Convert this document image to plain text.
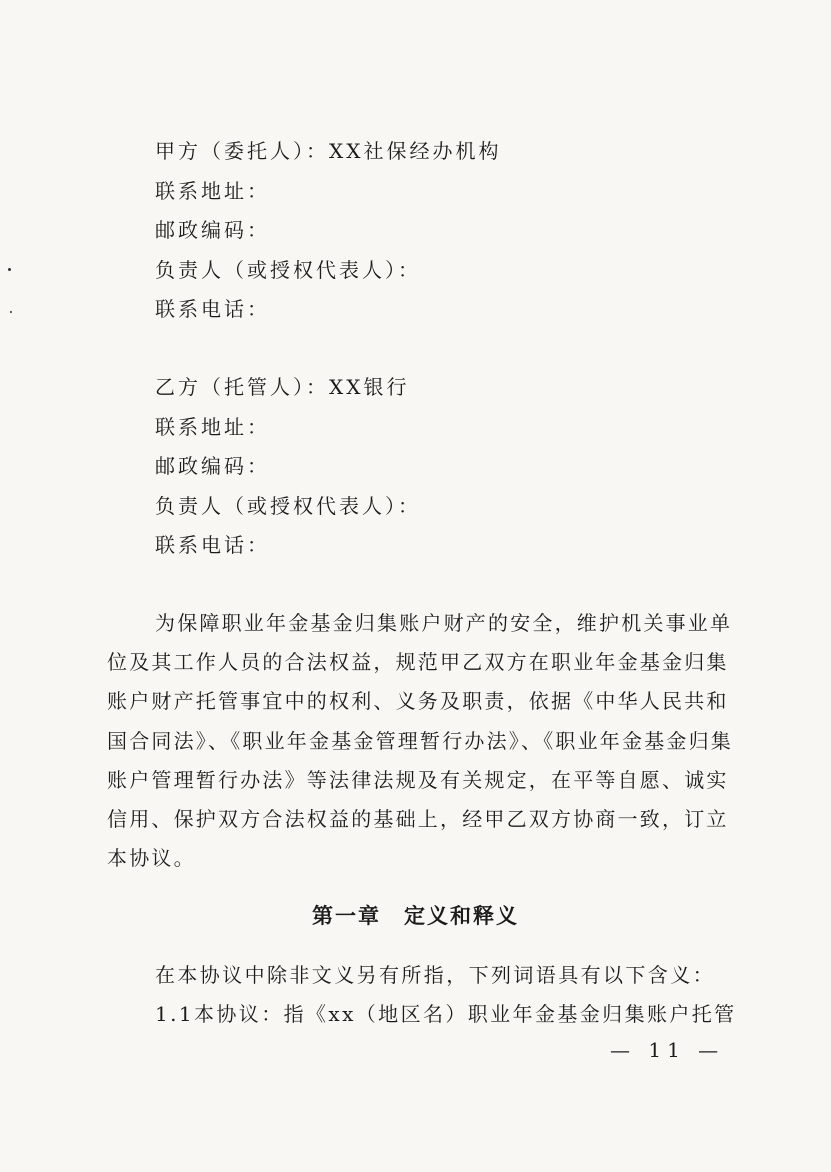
甲方（委托人）：XX社保经办机构
联系地址：
邮政编码：
负责人（或授权代表人）：
联系电话：
乙方（托管人）：XX银行
联系地址：
邮政编码：
负责人（或授权代表人）：
联系电话：
为保障职业年金基金归集账户财产的安全，维护机关事业单
位及其工作人员的合法权益，规范甲乙双方在职业年金基金归集
账户财产托管事宜中的权利、义务及职责，依据《中华人民共和
国合同法》、《职业年金基金管理暂行办法》、《职业年金基金归集
账户管理暂行办法》等法律法规及有关规定，在平等自愿、诚实
信用、保护双方合法权益的基础上，经甲乙双方协商一致，订立
本协议。
第一章　定义和释义
在本协议中除非文义另有所指，下列词语具有以下含义：
1.1本协议：指《xx（地区名）职业年金基金归集账户托管
— 11 —
